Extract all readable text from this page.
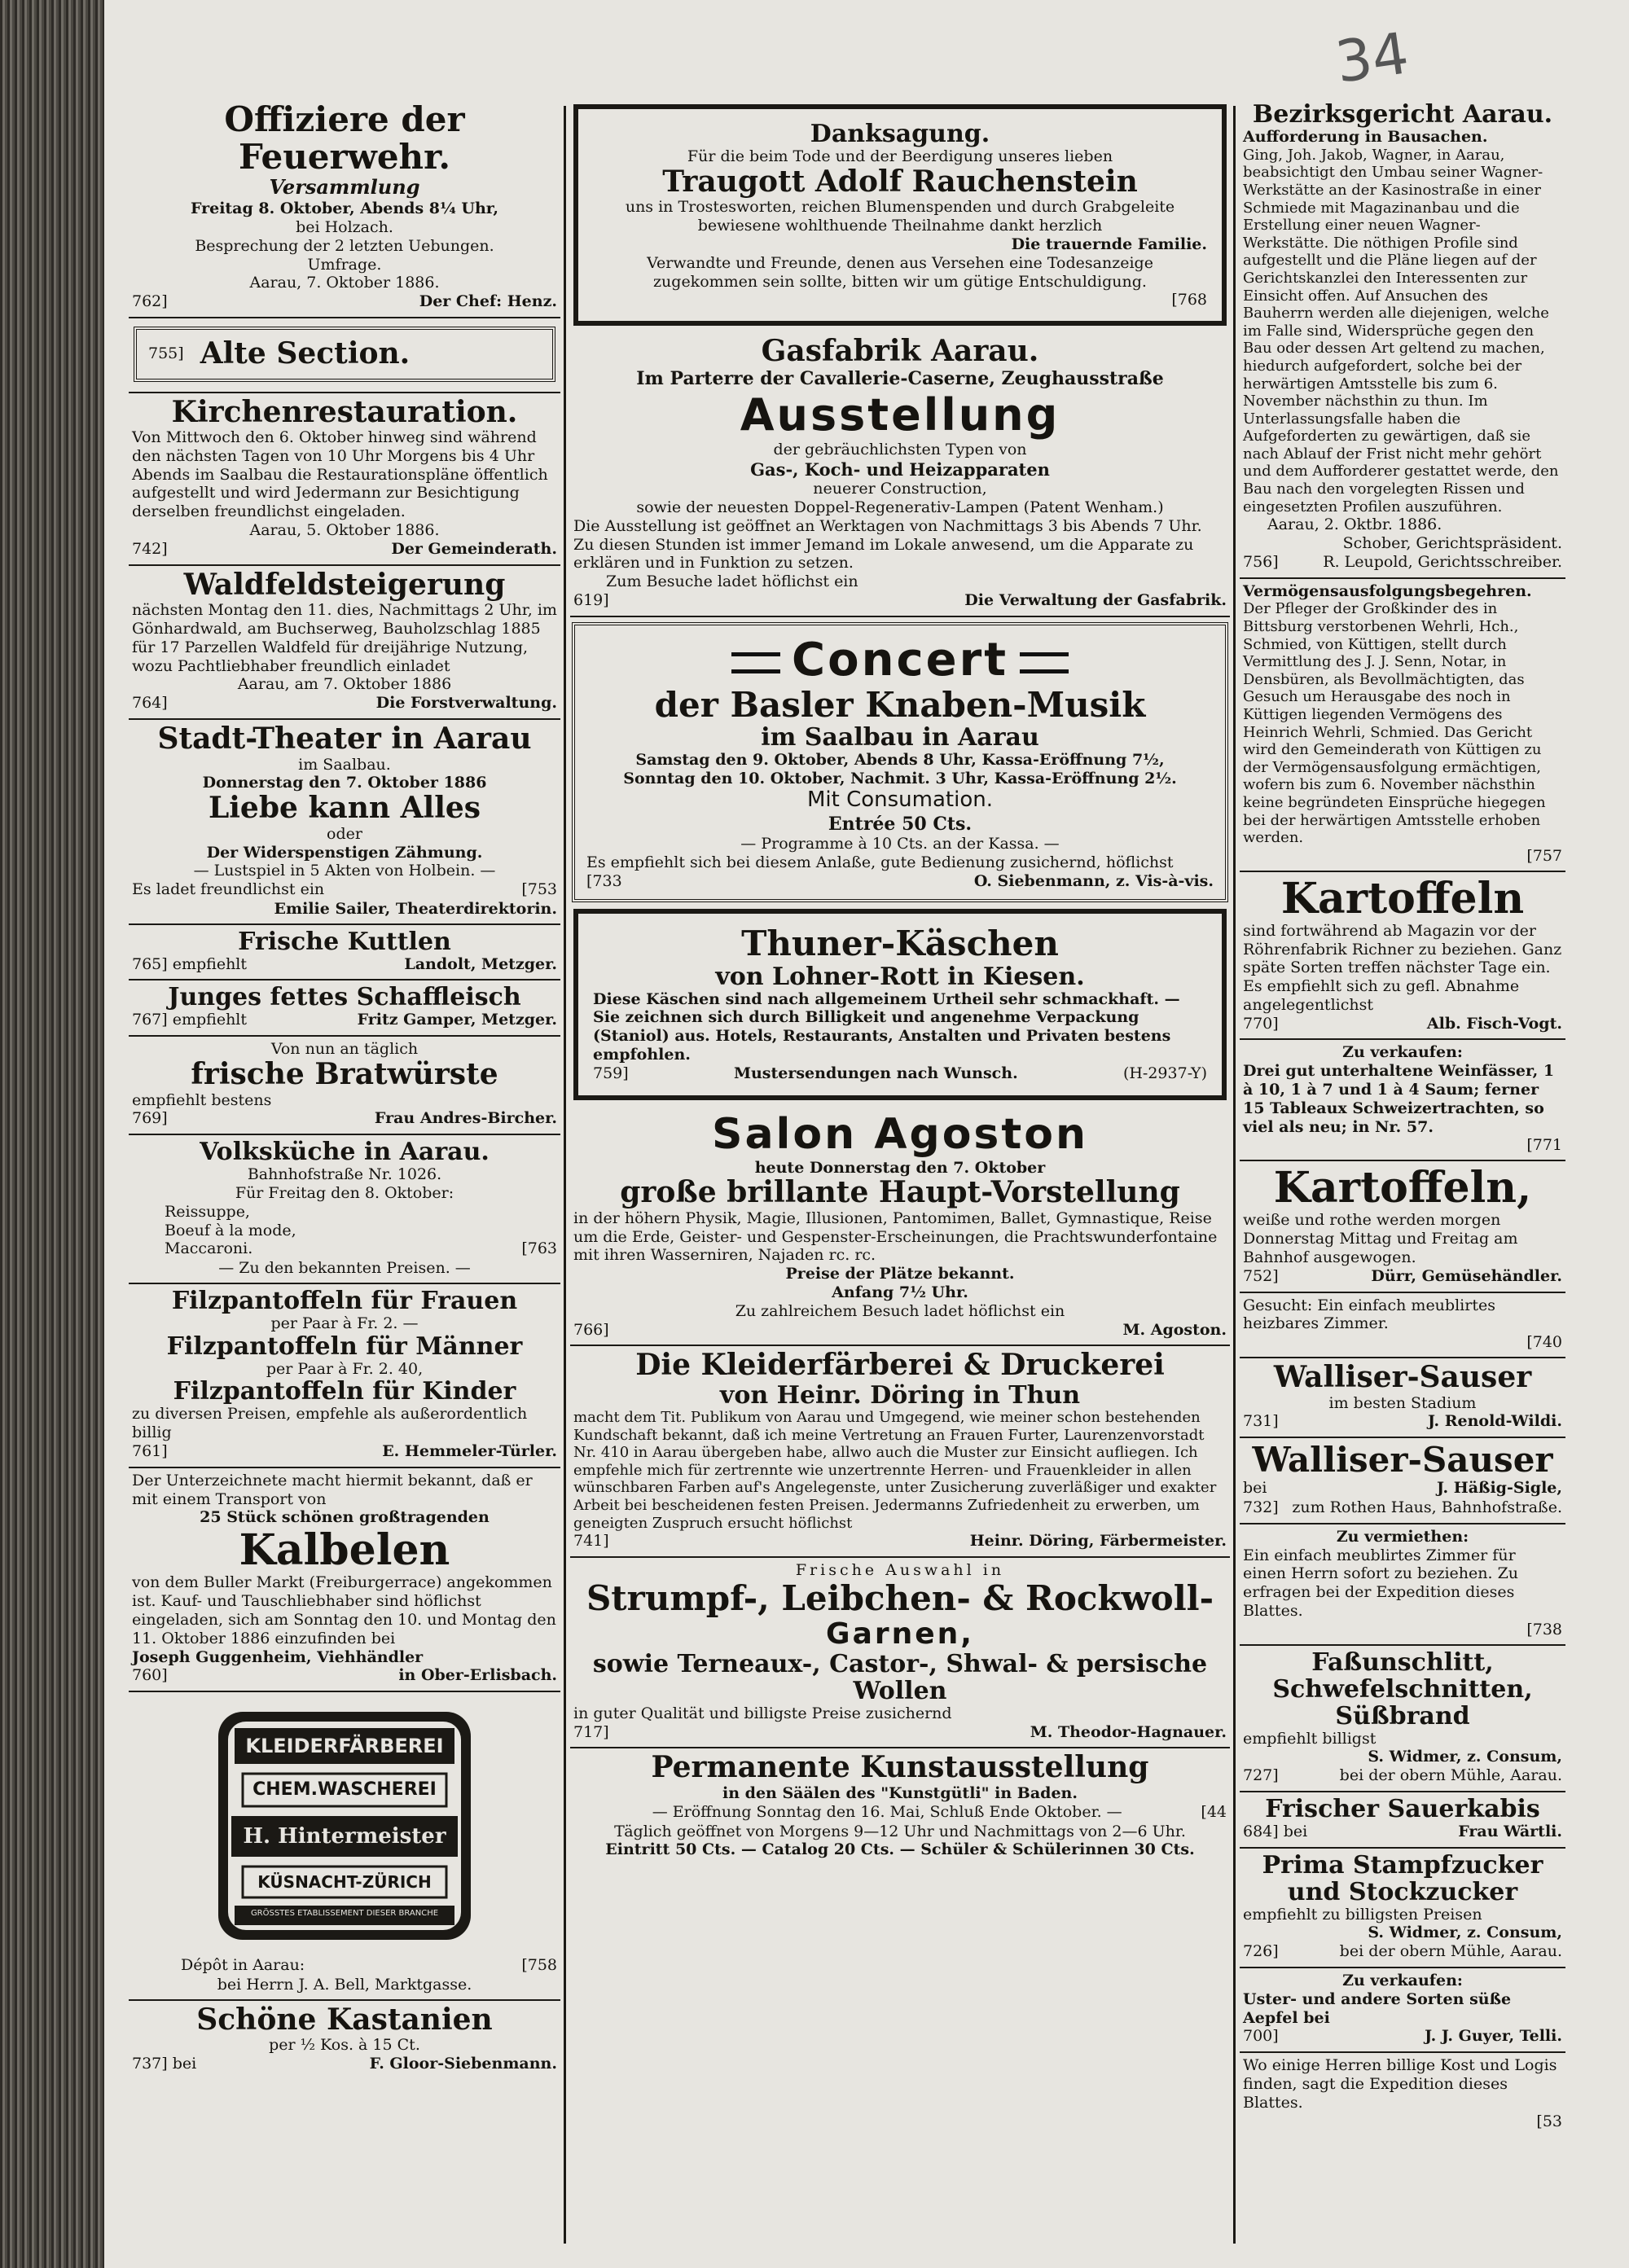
34
Offiziere der Feuerwehr.
Versammlung

Freitag 8. Oktober, Abends 8¼ Uhr,

bei Holzach.

Besprechung der 2 letzten Uebungen.

Umfrage.

Aarau, 7. Oktober 1886.

762]	Der Chef: Henz.
755] Alte Section.
Kirchenrestauration.

Von Mittwoch den 6. Oktober hinweg sind während den nächsten Tagen von 10 Uhr Morgens bis 4 Uhr Abends im Saalbau die Restaurationspläne öffentlich aufgestellt und wird Jedermann zur Besichtigung derselben freundlichst eingeladen.

Aarau, 5. Oktober 1886.

742]	Der Gemeinderath.
Waldfeldsteigerung

nächsten Montag den 11. dies, Nachmittags 2 Uhr, im Gönhardwald, am Buchserweg, Bauholzschlag 1885 für 17 Parzellen Waldfeld für dreijährige Nutzung, wozu Pachtliebhaber freundlich einladet

Aarau, am 7. Oktober 1886

764]	Die Forstverwaltung.
Stadt-Theater in Aarau

im Saalbau.

Donnerstag den 7. Oktober 1886

Liebe kann Alles

oder

Der Widerspenstigen Zähmung.

— Lustspiel in 5 Akten von Holbein. —

Es ladet freundlichst ein	[753

Emilie Sailer, Theaterdirektorin.

Frische Kuttlen
765] empfiehlt	Landolt, Metzger.
Junges fettes Schaffleisch
767] empfiehlt	Fritz Gamper, Metzger.

Von nun an täglich

frische Bratwürste

empfiehlt bestens

769]	Frau Andres-Bircher.
Volksküche in Aarau.

Bahnhofstraße Nr. 1026.

Für Freitag den 8. Oktober:

Reissuppe,

Boeuf à la mode,

Maccaroni.	[763

— Zu den bekannten Preisen. —

Filzpantoffeln für Frauen

per Paar à Fr. 2. —

Filzpantoffeln für Männer

per Paar à Fr. 2. 40,

Filzpantoffeln für Kinder

zu diversen Preisen, empfehle als außerordentlich billig

761]	E. Hemmeler-Türler.

Der Unterzeichnete macht hiermit bekannt, daß er mit einem Transport von

25 Stück schönen großtragenden

Kalbelen

von dem Buller Markt (Freiburgerrace) angekommen ist. Kauf- und Tauschliebhaber sind höflichst eingeladen, sich am Sonntag den 10. und Montag den 11. Oktober 1886 einzufinden bei

Joseph Guggenheim, Viehhändler

760]	in Ober-Erlisbach.
KLEIDERFÄRBEREI
CHEM.WASCHEREI
H. Hintermeister
KÜSNACHT-ZÜRICH
GRÖSSTES ETABLISSEMENT DIESER BRANCHE
Dépôt in Aarau:	[758

bei Herrn J. A. Bell, Marktgasse.

Schöne Kastanien

per ½ Kos. à 15 Ct.

737] bei	F. Gloor-Siebenmann.
Danksagung.

Für die beim Tode und der Beerdigung unseres lieben

Traugott Adolf Rauchenstein

uns in Trostesworten, reichen Blumenspenden und durch Grabgeleite bewiesene wohlthuende Theilnahme dankt herzlich

Die trauernde Familie.

Verwandte und Freunde, denen aus Versehen eine Todesanzeige zugekommen sein sollte, bitten wir um gütige Entschuldigung.

[768

Gasfabrik Aarau.

Im Parterre der Cavallerie-Caserne, Zeughausstraße

Ausstellung

der gebräuchlichsten Typen von

Gas-, Koch- und Heizapparaten

neuerer Construction,

sowie der neuesten Doppel-Regenerativ-Lampen (Patent Wenham.)

Die Ausstellung ist geöffnet an Werktagen von Nachmittags 3 bis Abends 7 Uhr. Zu diesen Stunden ist immer Jemand im Lokale anwesend, um die Apparate zu erklären und in Funktion zu setzen.

Zum Besuche ladet höflichst ein

619]	Die Verwaltung der Gasfabrik.
Concert
der Basler Knaben-Musik
im Saalbau in Aarau

Samstag den 9. Oktober, Abends 8 Uhr, Kassa-Eröffnung 7½,

Sonntag den 10. Oktober, Nachmit. 3 Uhr, Kassa-Eröffnung 2½.

Mit Consumation.

Entrée 50 Cts.

— Programme à 10 Cts. an der Kassa. —

Es empfiehlt sich bei diesem Anlaße, gute Bedienung zusichernd, höflichst

[733	O. Siebenmann, z. Vis-à-vis.
Thuner-Käschen
von Lohner-Rott in Kiesen.

Diese Käschen sind nach allgemeinem Urtheil sehr schmackhaft. — Sie zeichnen sich durch Billigkeit und angenehme Verpackung (Staniol) aus. Hotels, Restaurants, Anstalten und Privaten bestens empfohlen.

759]	Mustersendungen nach Wunsch.	(H-2937-Y)
Salon Agoston

heute Donnerstag den 7. Oktober

große brillante Haupt-Vorstellung

in der höhern Physik, Magie, Illusionen, Pantomimen, Ballet, Gymnastique, Reise um die Erde, Geister- und Gespenster-Erscheinungen, die Prachtswunderfontaine mit ihren Wasserniren, Najaden rc. rc.

Preise der Plätze bekannt.

Anfang 7½ Uhr.

Zu zahlreichem Besuch ladet höflichst ein

766]	M. Agoston.
Die Kleiderfärberei & Druckerei
von Heinr. Döring in Thun

macht dem Tit. Publikum von Aarau und Umgegend, wie meiner schon bestehenden Kundschaft bekannt, daß ich meine Vertretung an Frauen Furter, Laurenzenvorstadt Nr. 410 in Aarau übergeben habe, allwo auch die Muster zur Einsicht aufliegen. Ich empfehle mich für zertrennte wie unzertrennte Herren- und Frauenkleider in allen wünschbaren Farben auf's Angelegenste, unter Zusicherung zuverläßiger und exakter Arbeit bei bescheidenen festen Preisen. Jedermanns Zufriedenheit zu erwerben, um geneigten Zuspruch ersucht höflichst

741]	Heinr. Döring, Färbermeister.

Frische Auswahl in

Strumpf-, Leibchen- & Rockwoll-
Garnen,
sowie Terneaux-, Castor-, Shwal- & persische Wollen

in guter Qualität und billigste Preise zusichernd

717]	M. Theodor-Hagnauer.
Permanente Kunstausstellung

in den Säälen des "Kunstgütli" in Baden.

— Eröffnung Sonntag den 16. Mai, Schluß Ende Oktober. —	[44

Täglich geöffnet von Morgens 9—12 Uhr und Nachmittags von 2—6 Uhr.

Eintritt 50 Cts. — Catalog 20 Cts. — Schüler & Schülerinnen 30 Cts.

Bezirksgericht Aarau.

Aufforderung in Bausachen.

Ging, Joh. Jakob, Wagner, in Aarau, beabsichtigt den Umbau seiner Wagner-Werkstätte an der Kasinostraße in einer Schmiede mit Magazinanbau und die Erstellung einer neuen Wagner-Werkstätte. Die nöthigen Profile sind aufgestellt und die Pläne liegen auf der Gerichtskanzlei den Interessenten zur Einsicht offen. Auf Ansuchen des Bauherrn werden alle diejenigen, welche im Falle sind, Widersprüche gegen den Bau oder dessen Art geltend zu machen, hiedurch aufgefordert, solche bei der herwärtigen Amtsstelle bis zum 6. November nächsthin zu thun. Im Unterlassungsfalle haben die Aufgeforderten zu gewärtigen, daß sie nach Ablauf der Frist nicht mehr gehört und dem Aufforderer gestattet werde, den Bau nach den vorgelegten Rissen und eingesetzten Profilen auszuführen.

Aarau, 2. Oktbr. 1886.

Schober, Gerichtspräsident.

756]	R. Leupold, Gerichtsschreiber.

Vermögensausfolgungsbegehren.

Der Pfleger der Großkinder des in Bittsburg verstorbenen Wehrli, Hch., Schmied, von Küttigen, stellt durch Vermittlung des J. J. Senn, Notar, in Densbüren, als Bevollmächtigten, das Gesuch um Herausgabe des noch in Küttigen liegenden Vermögens des Heinrich Wehrli, Schmied. Das Gericht wird den Gemeinderath von Küttigen zu der Vermögensausfolgung ermächtigen, wofern bis zum 6. November nächsthin keine begründeten Einsprüche hiegegen bei der herwärtigen Amtsstelle erhoben werden.

[757

Kartoffeln

sind fortwährend ab Magazin vor der Röhrenfabrik Richner zu beziehen. Ganz späte Sorten treffen nächster Tage ein. Es empfiehlt sich zu gefl. Abnahme angelegentlichst

770]	Alb. Fisch-Vogt.

Zu verkaufen:

Drei gut unterhaltene Weinfässer, 1 à 10, 1 à 7 und 1 à 4 Saum; ferner 15 Tableaux Schweizertrachten, so viel als neu; in Nr. 57.

[771

Kartoffeln,

weiße und rothe werden morgen Donnerstag Mittag und Freitag am Bahnhof ausgewogen.

752]	Dürr, Gemüsehändler.

Gesucht: Ein einfach meublirtes heizbares Zimmer.

[740

Walliser-Sauser

im besten Stadium

731]	J. Renold-Wildi.
Walliser-Sauser
bei	J. Häßig-Sigle,
732] zum Rothen Haus, Bahnhofstraße.

Zu vermiethen:

Ein einfach meublirtes Zimmer für einen Herrn sofort zu beziehen. Zu erfragen bei der Expedition dieses Blattes.

[738

Faßunschlitt,
Schwefelschnitten,
Süßbrand

empfiehlt billigst

S. Widmer, z. Consum,

727]	bei der obern Mühle, Aarau.
Frischer Sauerkabis
684] bei	Frau Wärtli.
Prima Stampfzucker
und Stockzucker

empfiehlt zu billigsten Preisen

S. Widmer, z. Consum,

726]	bei der obern Mühle, Aarau.

Zu verkaufen:

Uster- und andere Sorten süße Aepfel bei

700]	J. J. Guyer, Telli.

Wo einige Herren billige Kost und Logis finden, sagt die Expedition dieses Blattes.

[53
